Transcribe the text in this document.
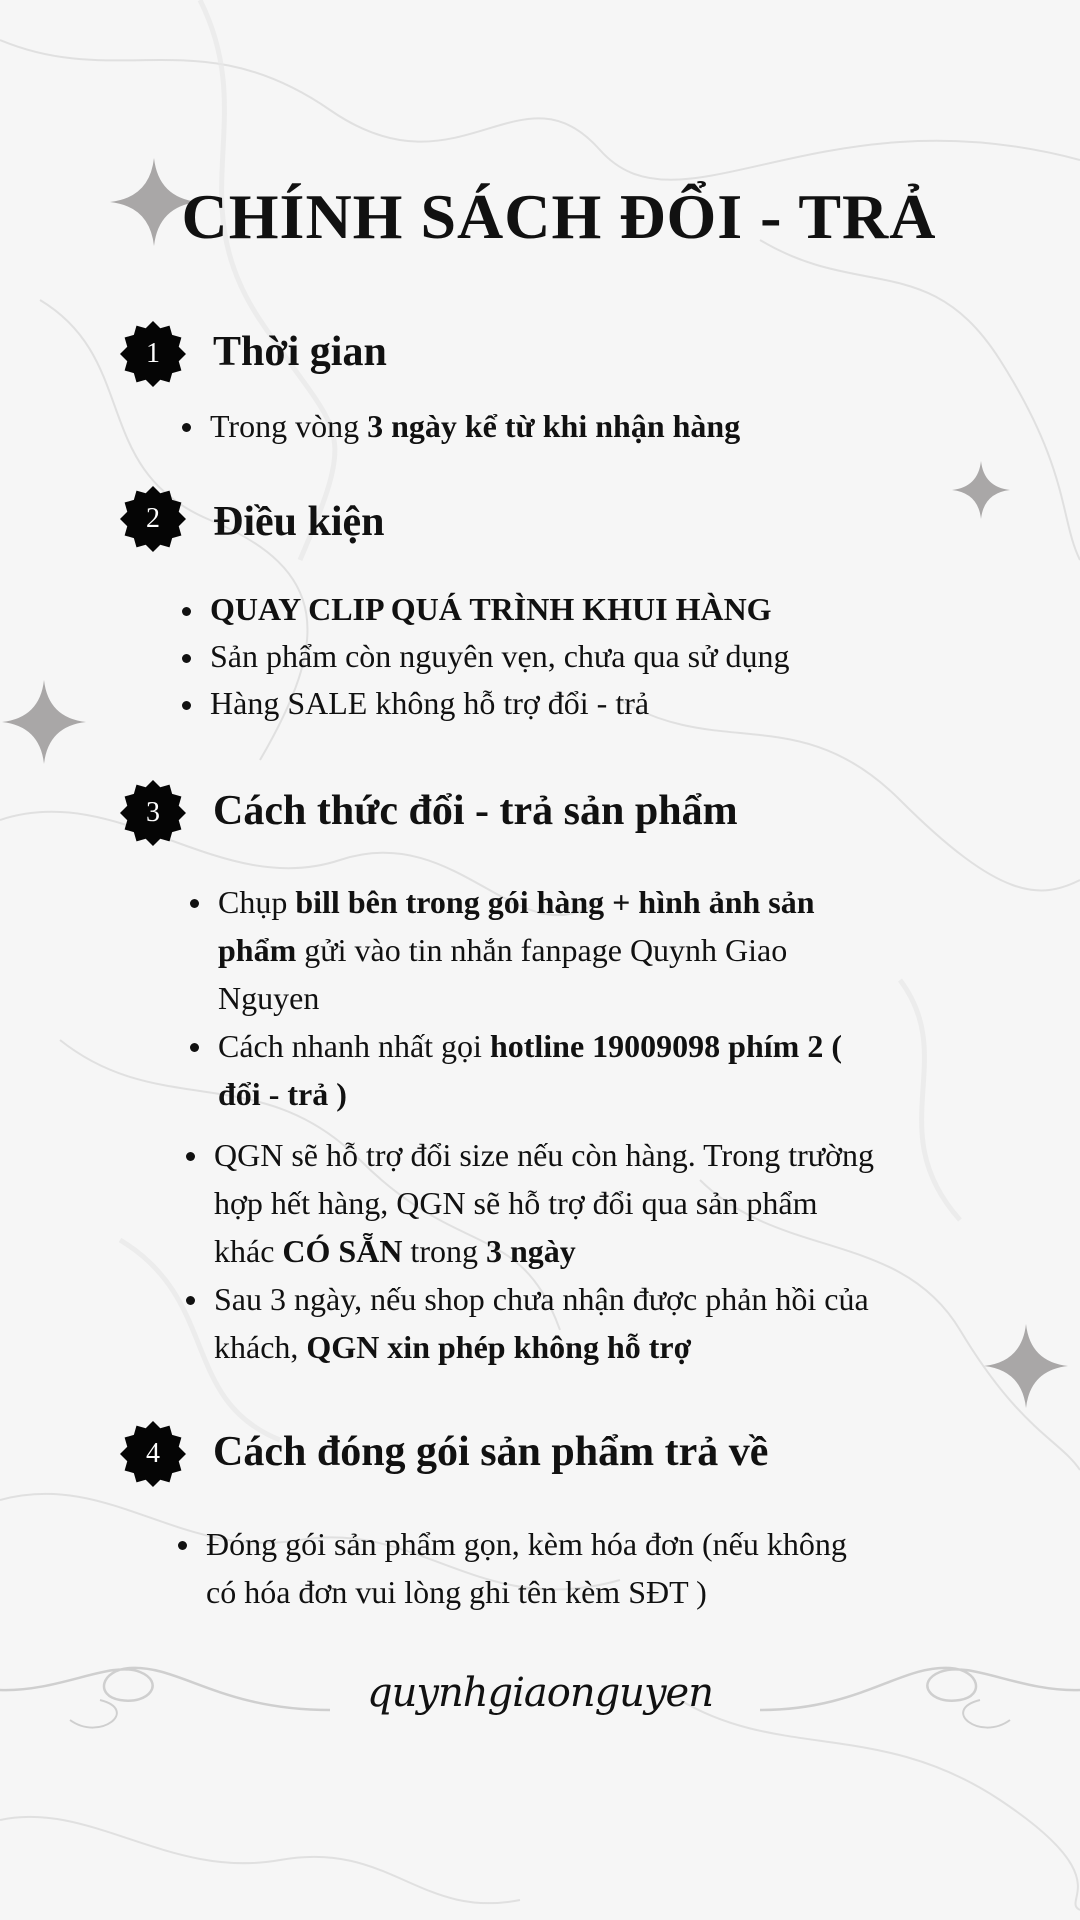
CHÍNH SÁCH ĐỔI - TRẢ
1	Thời gian
Trong vòng 3 ngày kể từ khi nhận hàng
2	Điều kiện
QUAY CLIP QUÁ TRÌNH KHUI HÀNG
Sản phẩm còn nguyên vẹn, chưa qua sử dụng
Hàng SALE không hỗ trợ đổi - trả
3	Cách thức đổi - trả sản phẩm
Chụp bill bên trong gói hàng + hình ảnh sản phẩm gửi vào tin nhắn fanpage Quynh Giao Nguyen
Cách nhanh nhất gọi hotline 19009098 phím 2 ( đổi - trả )
QGN sẽ hỗ trợ đổi size nếu còn hàng. Trong trường hợp hết hàng, QGN sẽ hỗ trợ đổi qua sản phẩm khác CÓ SẴN trong 3 ngày
Sau 3 ngày, nếu shop chưa nhận được phản hồi của khách, QGN xin phép không hỗ trợ
4	Cách đóng gói sản phẩm trả về
Đóng gói sản phẩm gọn, kèm hóa đơn (nếu không có hóa đơn vui lòng ghi tên kèm SĐT )
quynhgiaonguyen
